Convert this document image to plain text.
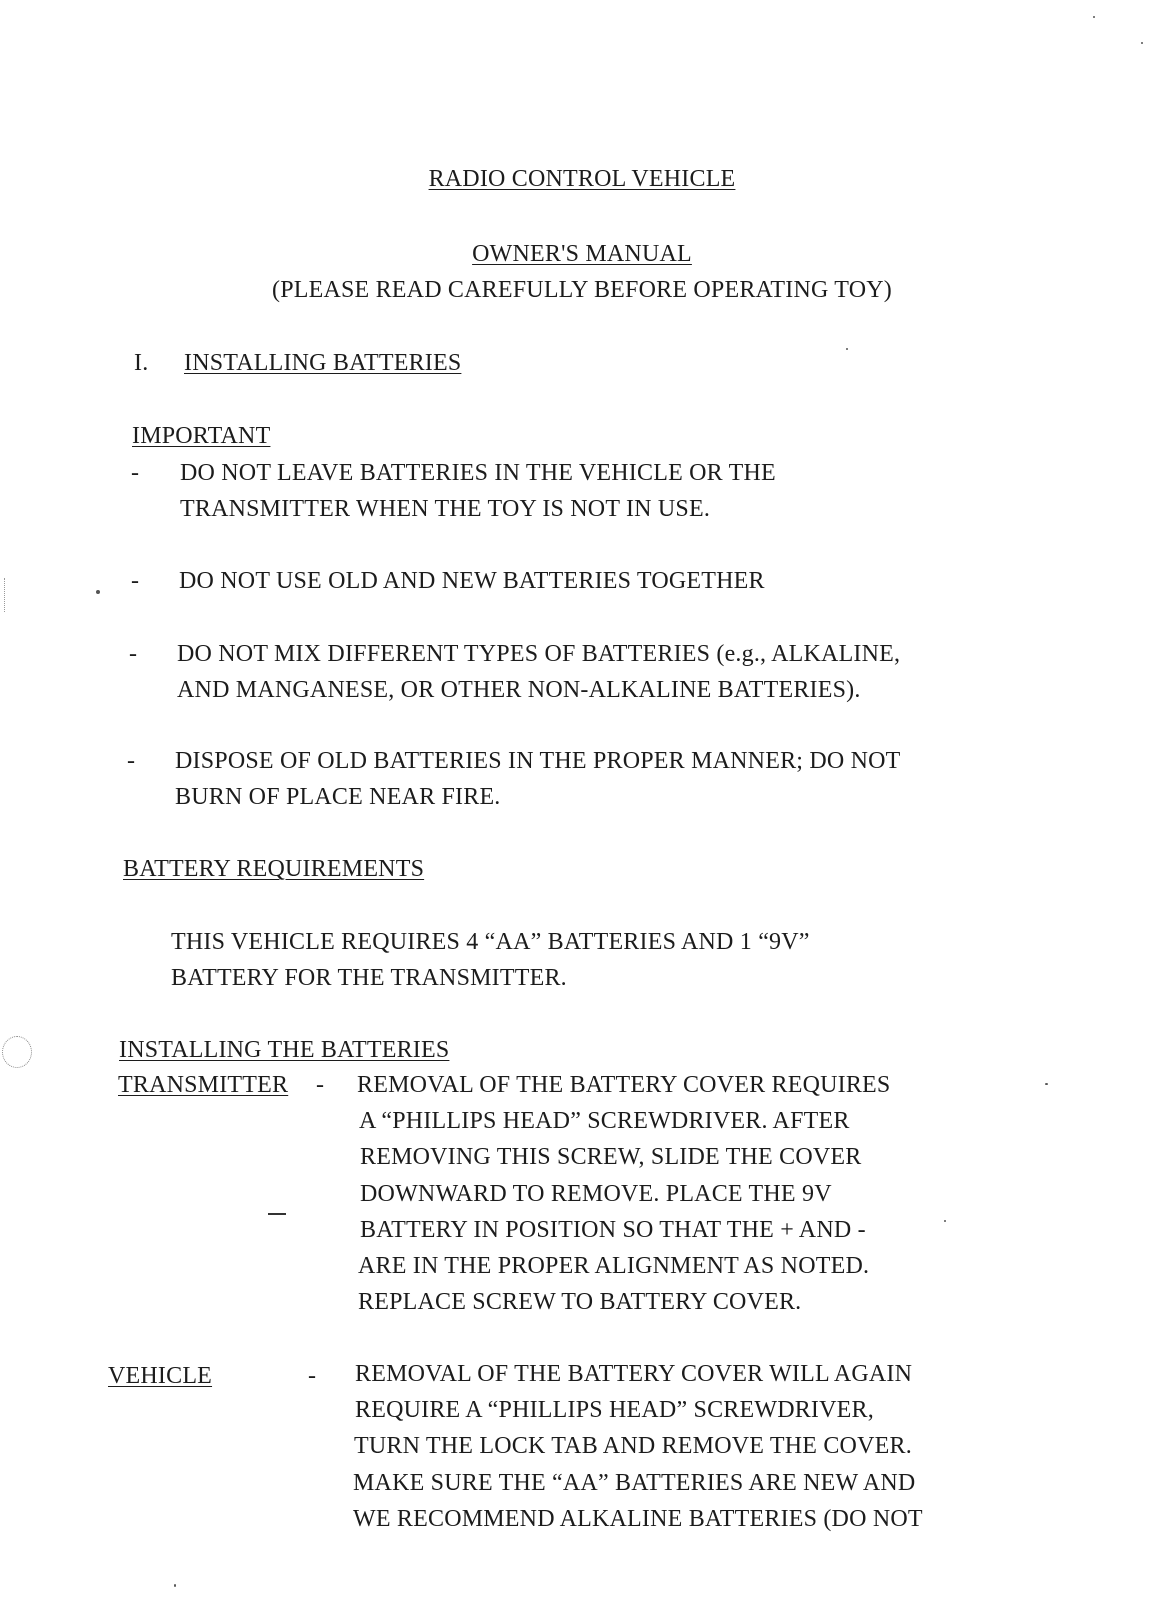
RADIO CONTROL VEHICLE
OWNER'S MANUAL
(PLEASE READ CAREFULLY BEFORE OPERATING TOY)
I. INSTALLING BATTERIES
IMPORTANT
- DO NOT LEAVE BATTERIES IN THE VEHICLE OR THE
TRANSMITTER WHEN THE TOY IS NOT IN USE.
- DO NOT USE OLD AND NEW BATTERIES TOGETHER
- DO NOT MIX DIFFERENT TYPES OF BATTERIES (e.g., ALKALINE,
AND MANGANESE, OR OTHER NON-ALKALINE BATTERIES).
- DISPOSE OF OLD BATTERIES IN THE PROPER MANNER; DO NOT
BURN OF PLACE NEAR FIRE.
BATTERY REQUIREMENTS
THIS VEHICLE REQUIRES 4 “AA” BATTERIES AND 1 “9V”
BATTERY FOR THE TRANSMITTER.
INSTALLING THE BATTERIES
TRANSMITTER - REMOVAL OF THE BATTERY COVER REQUIRES
A “PHILLIPS HEAD” SCREWDRIVER. AFTER
REMOVING THIS SCREW, SLIDE THE COVER
DOWNWARD TO REMOVE. PLACE THE 9V
BATTERY IN POSITION SO THAT THE + AND -
ARE IN THE PROPER ALIGNMENT AS NOTED.
REPLACE SCREW TO BATTERY COVER.
VEHICLE	- REMOVAL OF THE BATTERY COVER WILL AGAIN
REQUIRE A “PHILLIPS HEAD” SCREWDRIVER,
TURN THE LOCK TAB AND REMOVE THE COVER.
MAKE SURE THE “AA” BATTERIES ARE NEW AND
WE RECOMMEND ALKALINE BATTERIES (DO NOT
